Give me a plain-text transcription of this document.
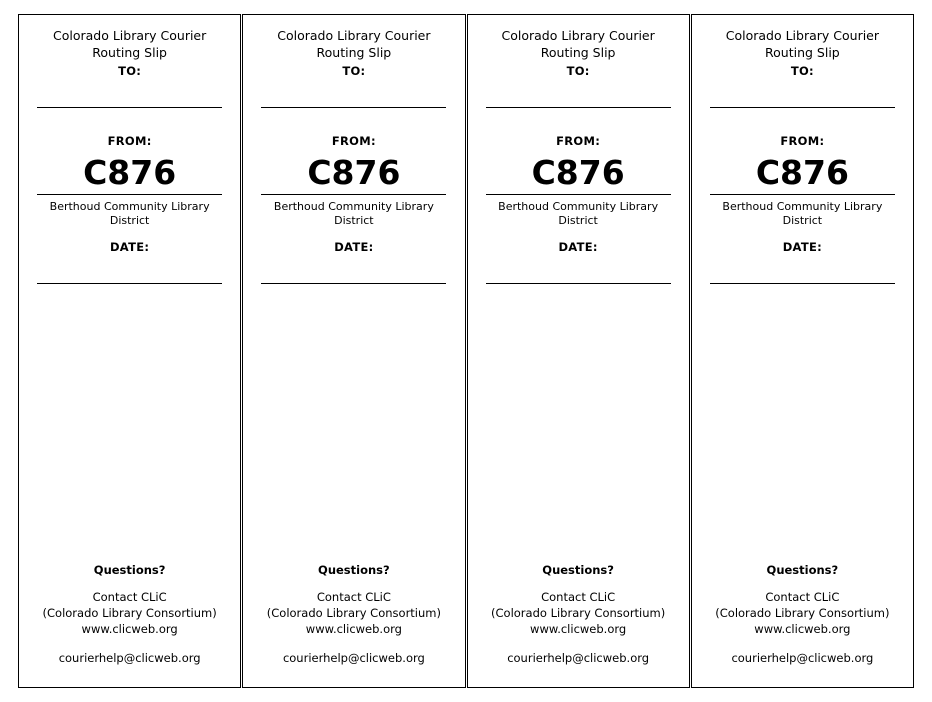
Colorado Library Courier
Routing Slip
TO:
FROM:
C876
Berthoud Community Library
District
DATE:
Questions?
Contact CLiC
(Colorado Library Consortium)
www.clicweb.org
courierhelp@clicweb.org
Colorado Library Courier
Routing Slip
TO:
FROM:
C876
Berthoud Community Library
District
DATE:
Questions?
Contact CLiC
(Colorado Library Consortium)
www.clicweb.org
courierhelp@clicweb.org
Colorado Library Courier
Routing Slip
TO:
FROM:
C876
Berthoud Community Library
District
DATE:
Questions?
Contact CLiC
(Colorado Library Consortium)
www.clicweb.org
courierhelp@clicweb.org
Colorado Library Courier
Routing Slip
TO:
FROM:
C876
Berthoud Community Library
District
DATE:
Questions?
Contact CLiC
(Colorado Library Consortium)
www.clicweb.org
courierhelp@clicweb.org
